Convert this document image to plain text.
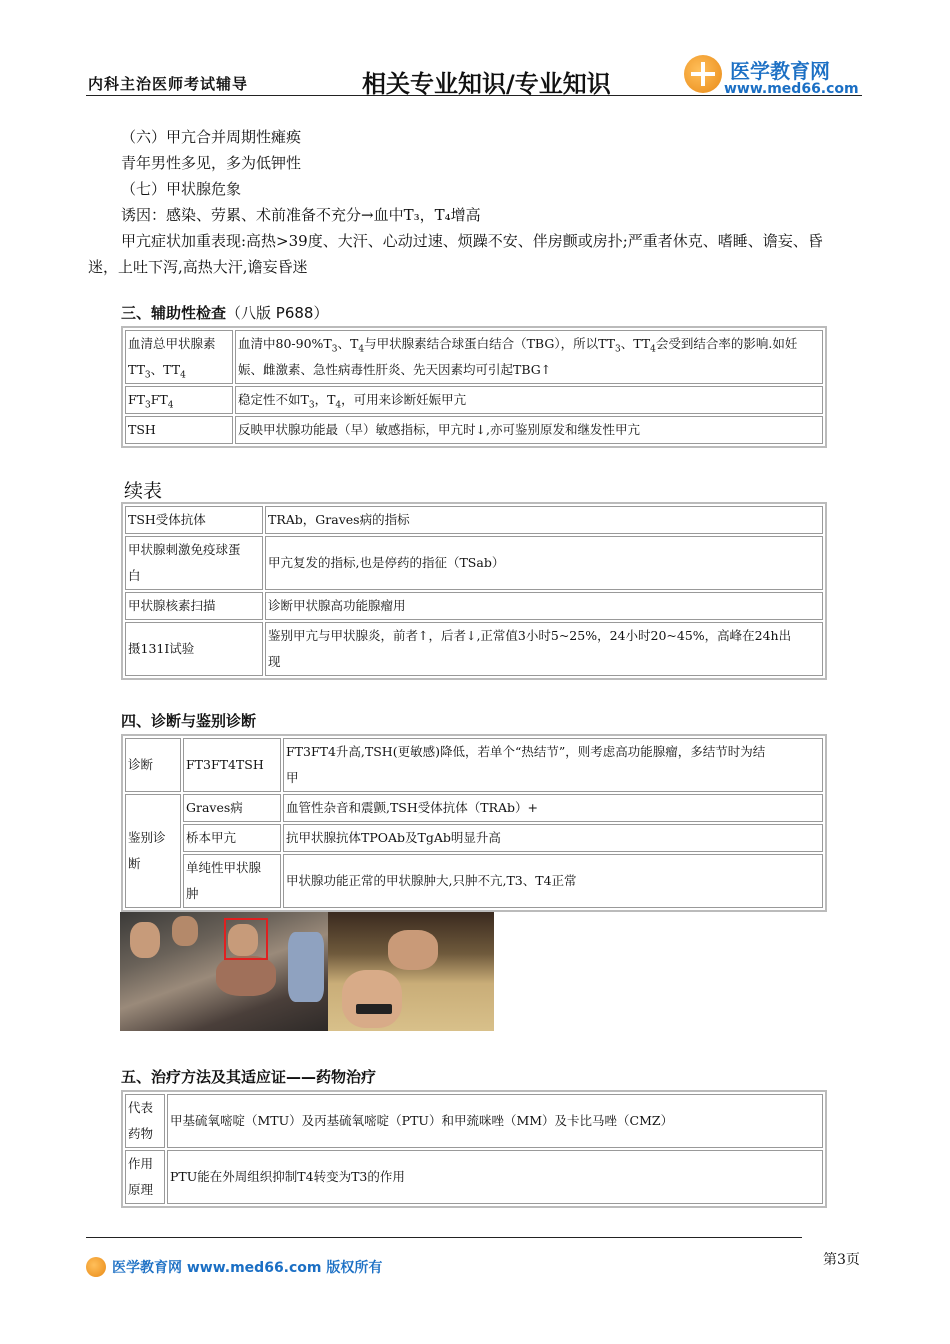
内科主治医师考试辅导	相关专业知识/专业知识	医学教育网
www.med66.com
（六）甲亢合并周期性瘫痪
青年男性多见，多为低钾性
（七）甲状腺危象
诱因：感染、劳累、术前准备不充分→血中T₃，T₄增高
甲亢症状加重表现:高热>39度、大汗、心动过速、烦躁不安、伴房颤或房扑;严重者休克、嗜睡、谵妄、昏
迷，上吐下泻,高热大汗,谵妄昏迷
三、辅助性检查（八版 P688）
血清总甲状腺素
$TT_3$、$TT_4$	血清中$80-90\%T_3$、$T_4$与甲状腺素结合球蛋白结合（TBG），所以$TT_3$、$TT_4$会受到结合率的影响.如妊
娠、雌激素、急性病毒性肝炎、先天因素均可引起TBG↑
$FT_3FT_4$	稳定性不如$T_3$，$T_4$，可用来诊断妊娠甲亢
TSH	反映甲状腺功能最（早）敏感指标，甲亢时↓,亦可鉴别原发和继发性甲亢
续表
TSH受体抗体	TRAb，Graves病的指标
甲状腺刺激免疫球蛋
白	甲亢复发的指标,也是停药的指征（TSab）
甲状腺核素扫描	诊断甲状腺高功能腺瘤用
摄131I试验	鉴别甲亢与甲状腺炎，前者↑，后者↓,正常值3小时5~25%，24小时20~45%，高峰在24h出
现
四、诊断与鉴别诊断
诊断	FT3FT4TSH	FT3FT4升高,TSH(更敏感)降低，若单个“热结节”，则考虑高功能腺瘤，多结节时为结
甲
鉴别诊
断	Graves病	血管性杂音和震颤,TSH受体抗体（TRAb）+
	桥本甲亢	抗甲状腺抗体TPOAb及TgAb明显升高
	单纯性甲状腺
肿	甲状腺功能正常的甲状腺肿大,只肿不亢,T3、T4正常
五、治疗方法及其适应证——药物治疗
代表
药物	甲基硫氧嘧啶（MTU）及丙基硫氧嘧啶（PTU）和甲巯咪唑（MM）及卡比马唑（CMZ）
作用
原理	PTU能在外周组织抑制T4转变为T3的作用
医学教育网 www.med66.com 版权所有	第3页
